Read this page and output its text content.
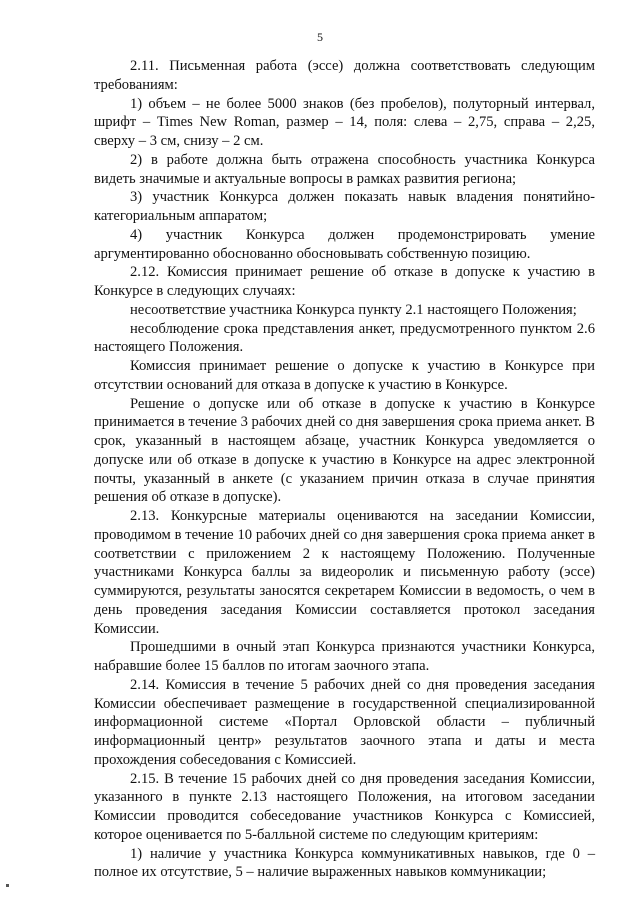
5

2.11. Письменная работа (эссе) должна соответствовать следующим требованиям:

1) объем – не более 5000 знаков (без пробелов), полуторный интервал, шрифт – Times New Roman, размер – 14, поля: слева – 2,75, справа – 2,25, сверху – 3 см, снизу – 2 см.

2) в работе должна быть отражена способность участника Конкурса видеть значимые и актуальные вопросы в рамках развития региона;

3) участник Конкурса должен показать навык владения понятийно-категориальным аппаратом;

4) участник Конкурса должен продемонстрировать умение аргументированно обоснованно обосновывать собственную позицию.

2.12. Комиссия принимает решение об отказе в допуске к участию в Конкурсе в следующих случаях:

несоответствие участника Конкурса пункту 2.1 настоящего Положения;

несоблюдение срока представления анкет, предусмотренного пунктом 2.6 настоящего Положения.

Комиссия принимает решение о допуске к участию в Конкурсе при отсутствии оснований для отказа в допуске к участию в Конкурсе.

Решение о допуске или об отказе в допуске к участию в Конкурсе принимается в течение 3 рабочих дней со дня завершения срока приема анкет. В срок, указанный в настоящем абзаце, участник Конкурса уведомляется о допуске или об отказе в допуске к участию в Конкурсе на адрес электронной почты, указанный в анкете (с указанием причин отказа в случае принятия решения об отказе в допуске).

2.13. Конкурсные материалы оцениваются на заседании Комиссии, проводимом в течение 10 рабочих дней со дня завершения срока приема анкет в соответствии с приложением 2 к настоящему Положению. Полученные участниками Конкурса баллы за видеоролик и письменную работу (эссе) суммируются, результаты заносятся секретарем Комиссии в ведомость, о чем в день проведения заседания Комиссии составляется протокол заседания Комиссии.

Прошедшими в очный этап Конкурса признаются участники Конкурса, набравшие более 15 баллов по итогам заочного этапа.

2.14. Комиссия в течение 5 рабочих дней со дня проведения заседания Комиссии обеспечивает размещение в государственной специализированной информационной системе «Портал Орловской области – публичный информационный центр» результатов заочного этапа и даты и места прохождения собеседования с Комиссией.

2.15. В течение 15 рабочих дней со дня проведения заседания Комиссии, указанного в пункте 2.13 настоящего Положения, на итоговом заседании Комиссии проводится собеседование участников Конкурса с Комиссией, которое оценивается по 5-балльной системе по следующим критериям:

1) наличие у участника Конкурса коммуникативных навыков, где 0 – полное их отсутствие, 5 – наличие выраженных навыков коммуникации;
